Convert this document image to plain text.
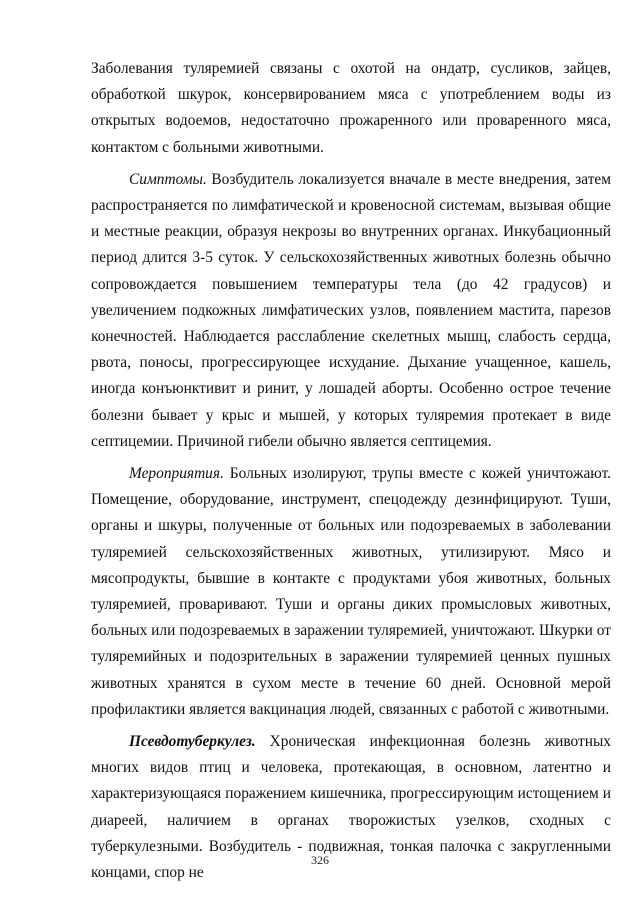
Заболевания туляремией связаны с охотой на ондатр, сусликов, зайцев, обработкой шкурок, консервированием мяса с употреблением воды из открытых водоемов, недостаточно прожаренного или проваренного мяса, контактом с больными животными.

Симптомы. Возбудитель локализуется вначале в месте внедрения, затем распространяется по лимфатической и кровеносной системам, вызывая общие и местные реакции, образуя некрозы во внутренних органах. Инкубационный период длится 3-5 суток. У сельскохозяйственных животных болезнь обычно сопровождается повышением температуры тела (до 42 градусов) и увеличением подкожных лимфатических узлов, появлением мастита, парезов конечностей. Наблюдается расслабление скелетных мышц, слабость сердца, рвота, поносы, прогрессирующее исхудание. Дыхание учащенное, кашель, иногда конъюнктивит и ринит, у лошадей аборты. Особенно острое течение болезни бывает у крыс и мышей, у которых туляремия протекает в виде септицемии. Причиной гибели обычно является септицемия.

Мероприятия. Больных изолируют, трупы вместе с кожей уничтожают. Помещение, оборудование, инструмент, спецодежду дезинфицируют. Туши, органы и шкуры, полученные от больных или подозреваемых в заболевании туляремией сельскохозяйственных животных, утилизируют. Мясо и мясопродукты, бывшие в контакте с продуктами убоя животных, больных туляремией, проваривают. Туши и органы диких промысловых животных, больных или подозреваемых в заражении туляремией, уничтожают. Шкурки от туляремийных и подозрительных в заражении туляремией ценных пушных животных хранятся в сухом месте в течение 60 дней. Основной мерой профилактики является вакцинация людей, связанных с работой с животными.

Псевдотуберкулез. Хроническая инфекционная болезнь животных многих видов птиц и человека, протекающая, в основном, латентно и характеризующаяся поражением кишечника, прогрессирующим истощением и диареей, наличием в органах творожистых узелков, сходных с туберкулезными. Возбудитель - подвижная, тонкая палочка с закругленными концами, спор не

326
